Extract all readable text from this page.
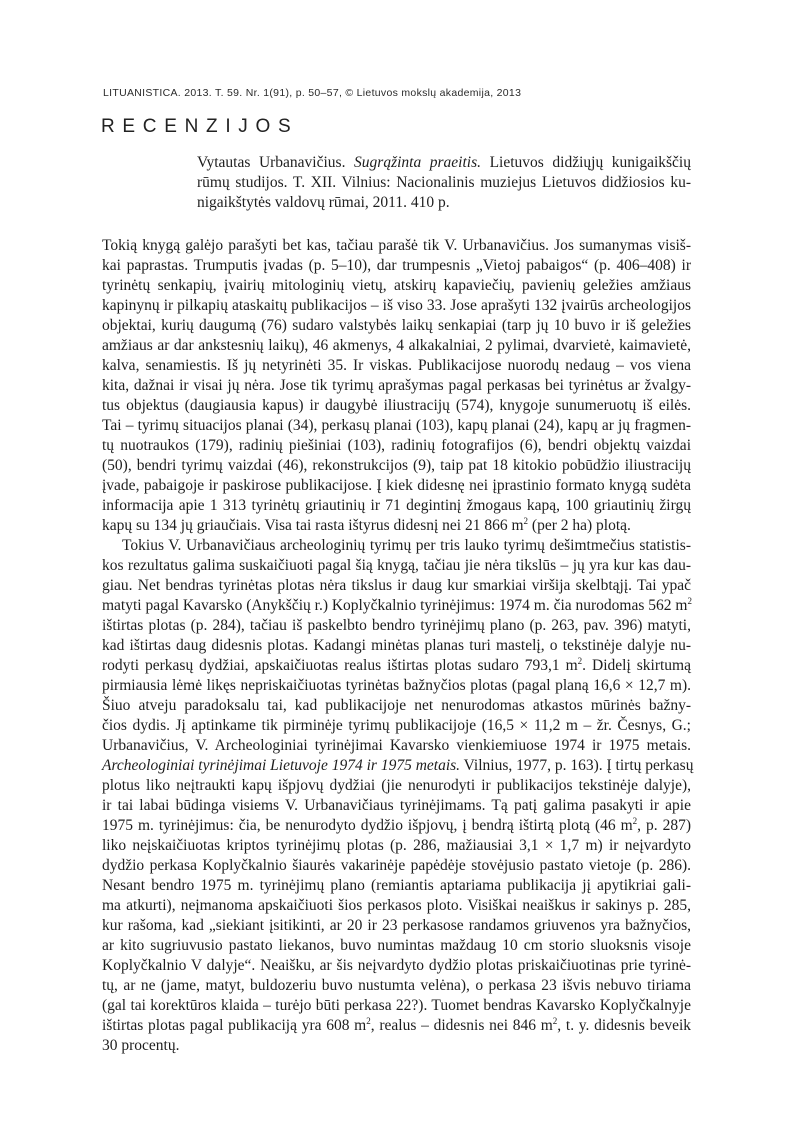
LITUANISTICA. 2013. T. 59. Nr. 1(91), p. 50–57, © Lietuvos mokslų akademija, 2013
RECENZIJOS
Vytautas Urbanavičius. Sugrąžinta praeitis. Lietuvos didžiųjų kunigaikščių
rūmų studijos. T. XII. Vilnius: Nacionalinis muziejus Lietuvos didžiosios ku-
nigaikštytės valdovų rūmai, 2011. 410 p.
Tokią knygą galėjo parašyti bet kas, tačiau parašė tik V. Urbanavičius. Jos sumanymas visiš-
kai paprastas. Trumputis įvadas (p. 5–10), dar trumpesnis „Vietoj pabaigos“ (p. 406–408) ir
tyrinėtų senkapių, įvairių mitologinių vietų, atskirų kapaviečių, pavienių geležies amžiaus
kapinynų ir pilkapių ataskaitų publikacijos – iš viso 33. Jose aprašyti 132 įvairūs archeologijos
objektai, kurių daugumą (76) sudaro valstybės laikų senkapiai (tarp jų 10 buvo ir iš geležies
amžiaus ar dar ankstesnių laikų), 46 akmenys, 4 alkakalniai, 2 pylimai, dvarvietė, kaimavietė,
kalva, senamiestis. Iš jų netyrinėti 35. Ir viskas. Publikacijose nuorodų nedaug – vos viena
kita, dažnai ir visai jų nėra. Jose tik tyrimų aprašymas pagal perkasas bei tyrinėtus ar žvalgy-
tus objektus (daugiausia kapus) ir daugybė iliustracijų (574), knygoje sunumeruotų iš eilės.
Tai – tyrimų situacijos planai (34), perkasų planai (103), kapų planai (24), kapų ar jų fragmen-
tų nuotraukos (179), radinių piešiniai (103), radinių fotografijos (6), bendri objektų vaizdai
(50), bendri tyrimų vaizdai (46), rekonstrukcijos (9), taip pat 18 kitokio pobūdžio iliustracijų
įvade, pabaigoje ir paskirose publikacijose. Į kiek didesnę nei įprastinio formato knygą sudėta
informacija apie 1 313 tyrinėtų griautinių ir 71 degintinį žmogaus kapą, 100 griautinių žirgų
kapų su 134 jų griaučiais. Visa tai rasta ištyrus didesnį nei 21 866 $m^2$ (per 2 ha) plotą.
Tokius V. Urbanavičiaus archeologinių tyrimų per tris lauko tyrimų dešimtmečius statistis-
kos rezultatus galima suskaičiuoti pagal šią knygą, tačiau jie nėra tikslūs – jų yra kur kas dau-
giau. Net bendras tyrinėtas plotas nėra tikslus ir daug kur smarkiai viršija skelbtąjį. Tai ypač
matyti pagal Kavarsko (Anykščių r.) Koplyčkalnio tyrinėjimus: 1974 m. čia nurodomas 562 $m^2$
ištirtas plotas (p. 284), tačiau iš paskelbto bendro tyrinėjimų plano (p. 263, pav. 396) matyti,
kad ištirtas daug didesnis plotas. Kadangi minėtas planas turi mastelį, o tekstinėje dalyje nu-
rodyti perkasų dydžiai, apskaičiuotas realus ištirtas plotas sudaro 793,1 $m^2$. Didelį skirtumą
pirmiausia lėmė likęs nepriskaičiuotas tyrinėtas bažnyčios plotas (pagal planą 16,6 × 12,7 m).
Šiuo atveju paradoksalu tai, kad publikacijoje net nenurodomas atkastos mūrinės bažny-
čios dydis. Jį aptinkame tik pirminėje tyrimų publikacijoje (16,5 × 11,2 m – žr. Česnys, G.;
Urbanavičius, V. Archeologiniai tyrinėjimai Kavarsko vienkiemiuose 1974 ir 1975 metais.
Archeologiniai tyrinėjimai Lietuvoje 1974 ir 1975 metais. Vilnius, 1977, p. 163). Į tirtų perkasų
plotus liko neįtraukti kapų išpjovų dydžiai (jie nenurodyti ir publikacijos tekstinėje dalyje),
ir tai labai būdinga visiems V. Urbanavičiaus tyrinėjimams. Tą patį galima pasakyti ir apie
1975 m. tyrinėjimus: čia, be nenurodyto dydžio išpjovų, į bendrą ištirtą plotą (46 $m^2$, p. 287)
liko neįskaičiuotas kriptos tyrinėjimų plotas (p. 286, mažiausiai 3,1 × 1,7 m) ir neįvardyto
dydžio perkasa Koplyčkalnio šiaurės vakarinėje papėdėje stovėjusio pastato vietoje (p. 286).
Nesant bendro 1975 m. tyrinėjimų plano (remiantis aptariama publikacija jį apytikriai gali-
ma atkurti), neįmanoma apskaičiuoti šios perkasos ploto. Visiškai neaiškus ir sakinys p. 285,
kur rašoma, kad „siekiant įsitikinti, ar 20 ir 23 perkasose randamos griuvenos yra bažnyčios,
ar kito sugriuvusio pastato liekanos, buvo numintas maždaug 10 cm storio sluoksnis visoje
Koplyčkalnio V dalyje“. Neaišku, ar šis neįvardyto dydžio plotas priskaičiuotinas prie tyrinė-
tų, ar ne (jame, matyt, buldozeriu buvo nustumta velėna), o perkasa 23 išvis nebuvo tiriama
(gal tai korektūros klaida – turėjo būti perkasa 22?). Tuomet bendras Kavarsko Koplyčkalnyje
ištirtas plotas pagal publikaciją yra 608 $m^2$, realus – didesnis nei 846 $m^2$, t. y. didesnis beveik
30 procentų.
